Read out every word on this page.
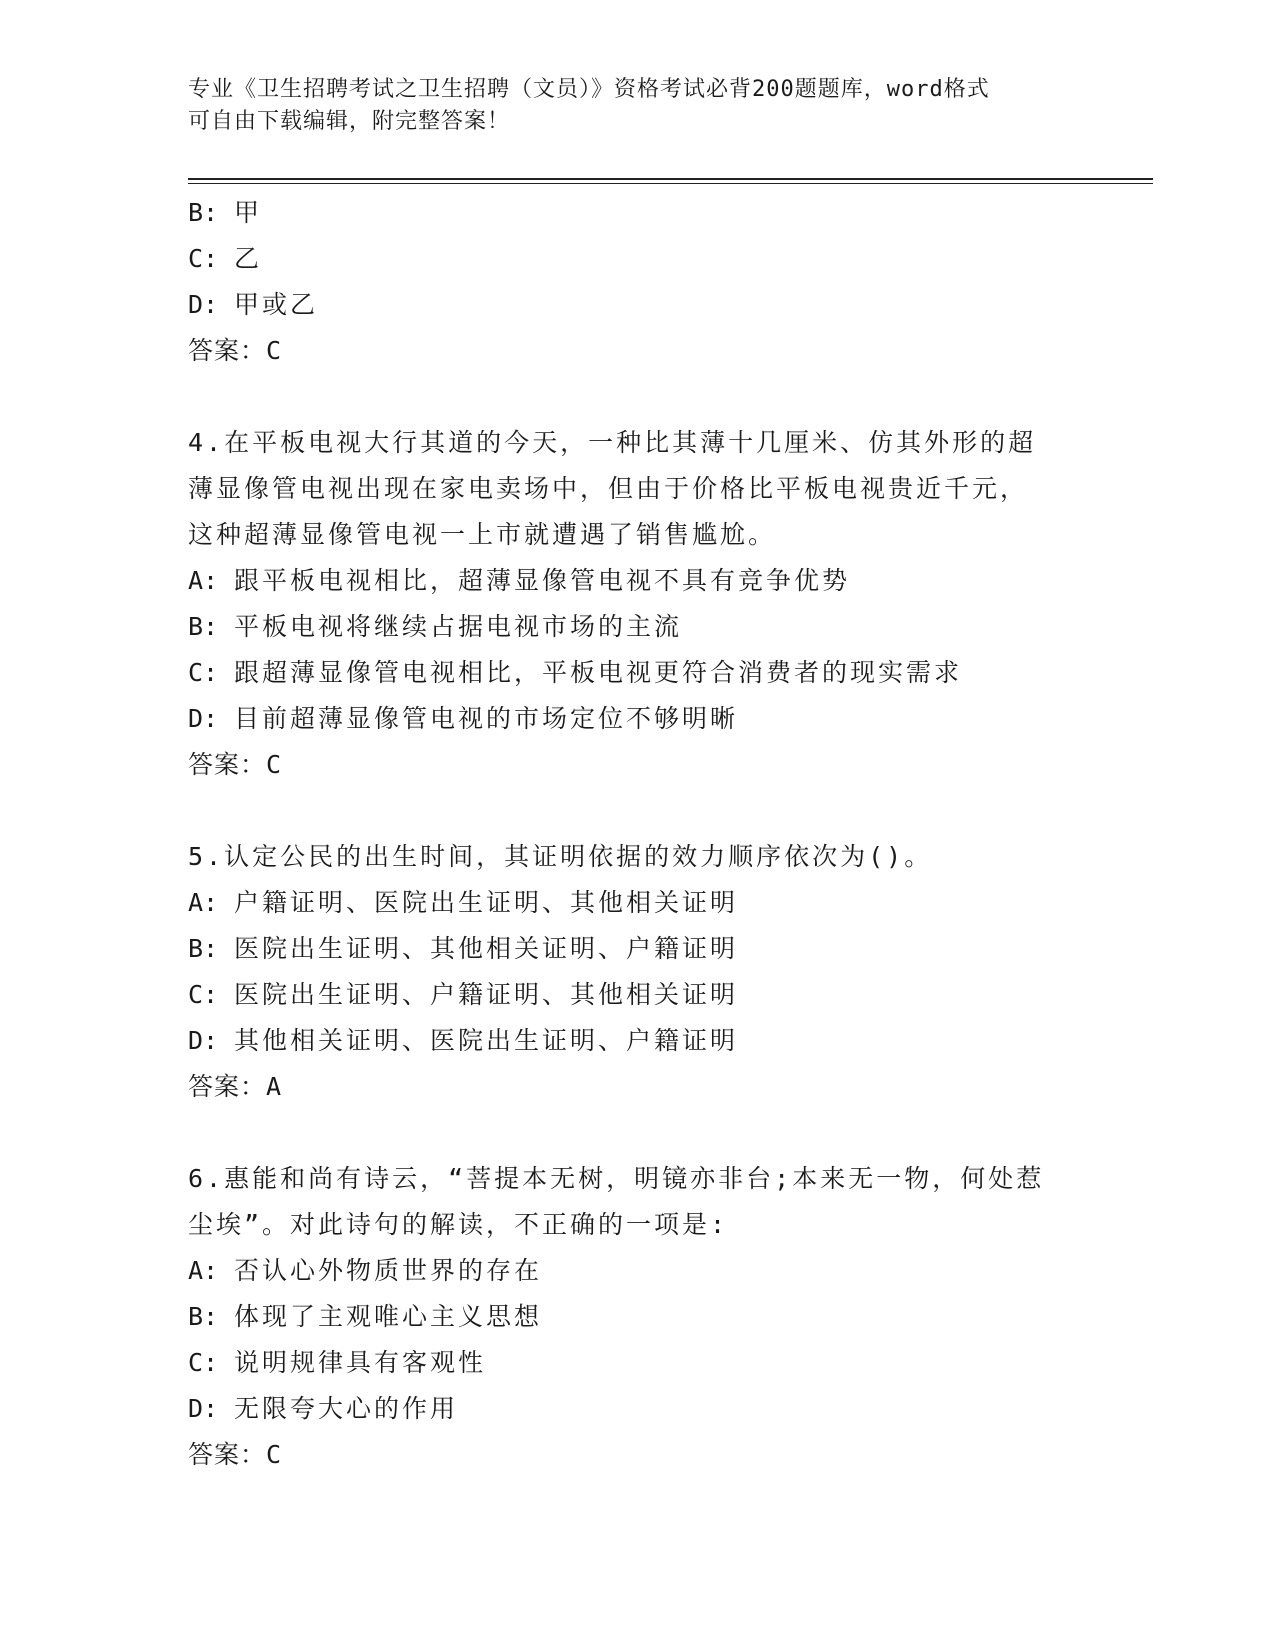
专业《卫生招聘考试之卫生招聘（文员）》资格考试必背200题题库，word格式
可自由下载编辑，附完整答案！
B: 甲
C: 乙
D: 甲或乙
答案：C
4.在平板电视大行其道的今天，一种比其薄十几厘米、仿其外形的超
薄显像管电视出现在家电卖场中，但由于价格比平板电视贵近千元，
这种超薄显像管电视一上市就遭遇了销售尴尬。
A: 跟平板电视相比，超薄显像管电视不具有竞争优势
B: 平板电视将继续占据电视市场的主流
C: 跟超薄显像管电视相比，平板电视更符合消费者的现实需求
D: 目前超薄显像管电视的市场定位不够明晰
答案：C
5.认定公民的出生时间，其证明依据的效力顺序依次为()。
A: 户籍证明、医院出生证明、其他相关证明
B: 医院出生证明、其他相关证明、户籍证明
C: 医院出生证明、户籍证明、其他相关证明
D: 其他相关证明、医院出生证明、户籍证明
答案：A
6.惠能和尚有诗云，“菩提本无树，明镜亦非台;本来无一物，何处惹
尘埃”。对此诗句的解读，不正确的一项是:
A: 否认心外物质世界的存在
B: 体现了主观唯心主义思想
C: 说明规律具有客观性
D: 无限夸大心的作用
答案：C
